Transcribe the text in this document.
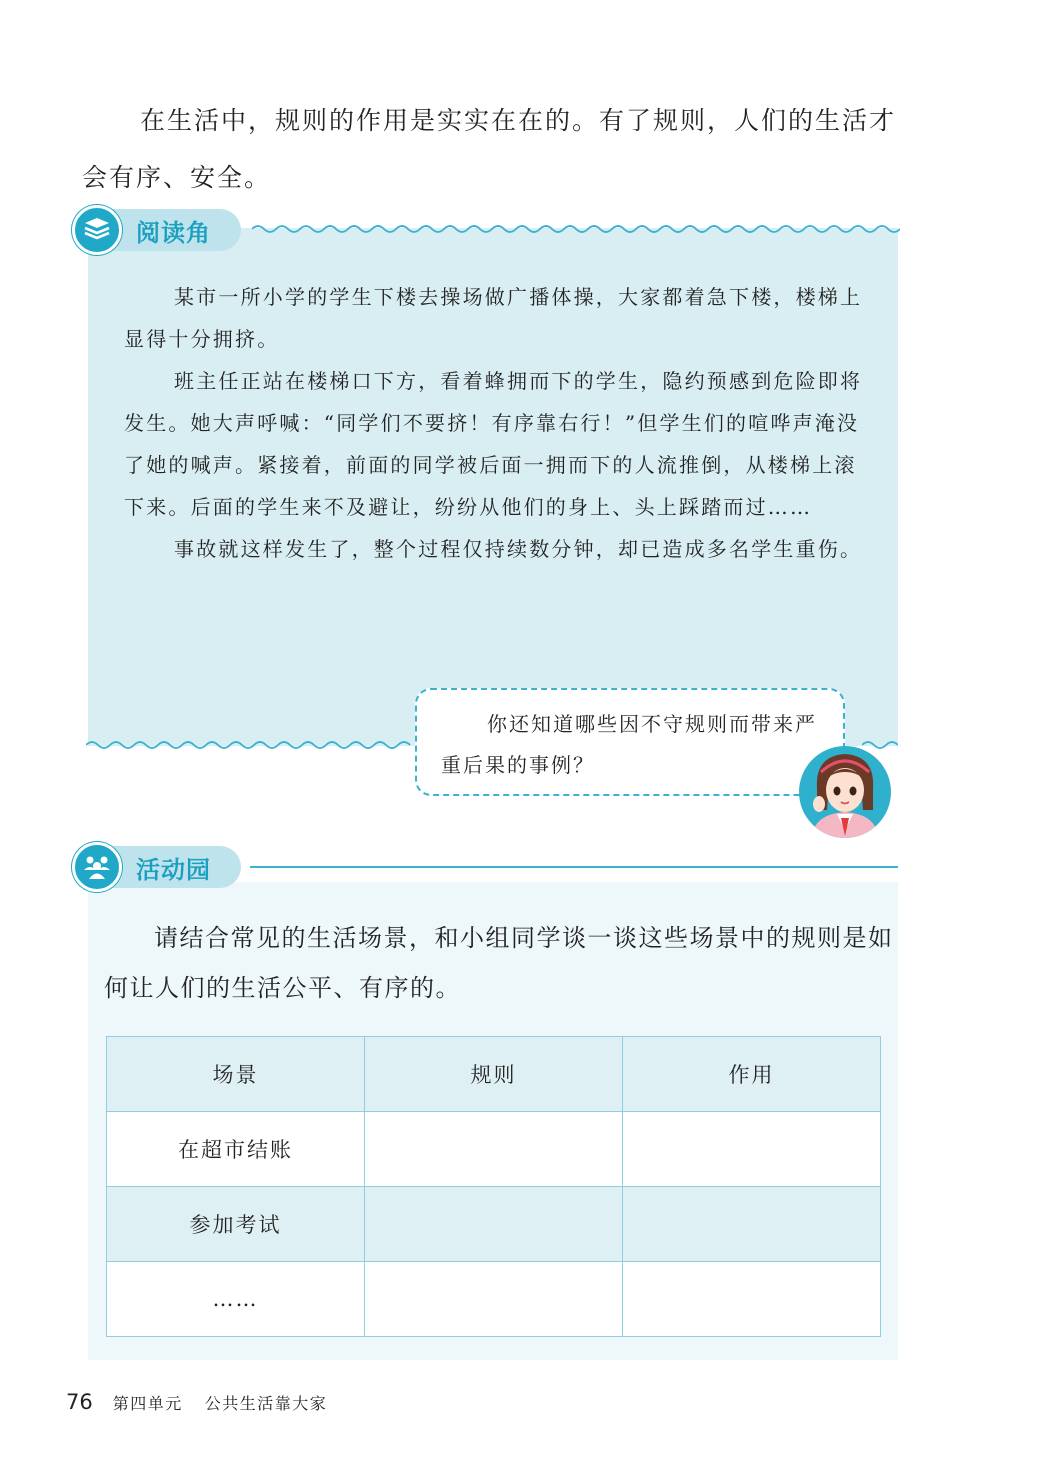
在生活中，规则的作用是实实在在的。有了规则，人们的生活才会有序、安全。

阅读角

某市一所小学的学生下楼去操场做广播体操，大家都着急下楼，楼梯上显得十分拥挤。

班主任正站在楼梯口下方，看着蜂拥而下的学生，隐约预感到危险即将发生。她大声呼喊：“同学们不要挤！有序靠右行！”但学生们的喧哗声淹没了她的喊声。紧接着，前面的同学被后面一拥而下的人流推倒，从楼梯上滚下来。后面的学生来不及避让，纷纷从他们的身上、头上踩踏而过……

事故就这样发生了，整个过程仅持续数分钟，却已造成多名学生重伤。

你还知道哪些因不守规则而带来严重后果的事例？

活动园

请结合常见的生活场景，和小组同学谈一谈这些场景中的规则是如何让人们的生活公平、有序的。

场景	规则	作用
在超市结账		
参加考试		
……		
76 第四单元 公共生活靠大家
